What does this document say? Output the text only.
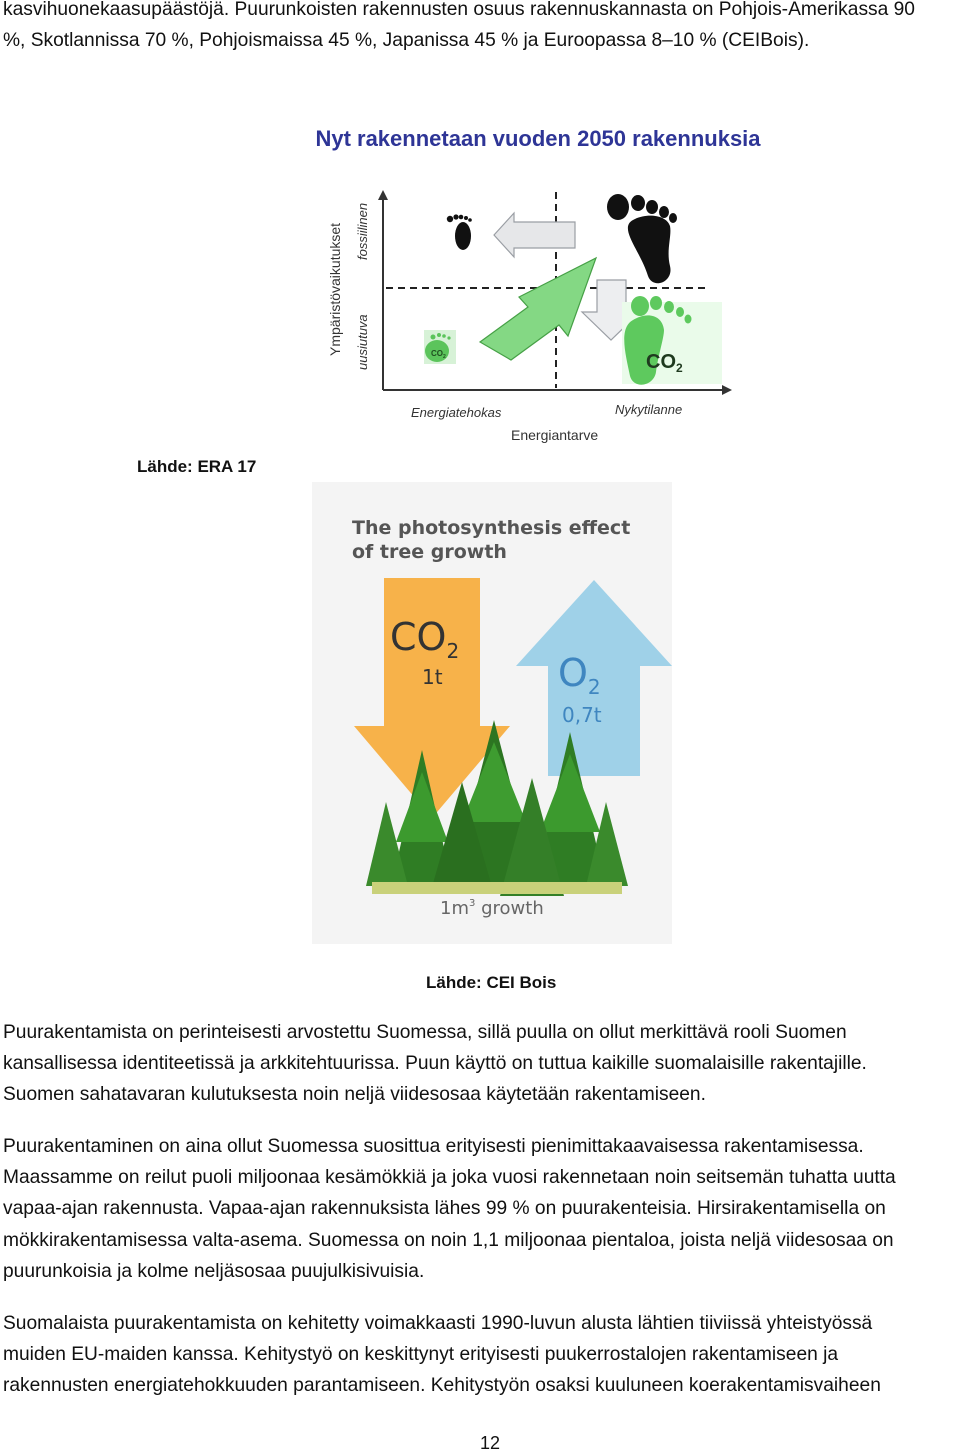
kasvihuonekaasupäästöjä. Puurunkoisten rakennusten osuus rakennuskannasta on Pohjois-Amerikassa 90
%, Skotlannissa 70 %, Pohjoismaissa 45 %, Japanissa 45 % ja Euroopassa 8–10 % (CEIBois).

Nyt rakennetaan vuoden 2050 rakennuksia
$CO_2$	$CO_2$
Ympäristövaikutukset fossiilinen
uusiutuva
Energiatehokas	Nykytilanne
Energiantarve
Lähde: ERA 17
The photosynthesis effect
of tree growth
$CO_2$
1t	$O_2$
0,7t
$1m^3$ growth
Lähde: CEI Bois

Puurakentamista on perinteisesti arvostettu Suomessa, sillä puulla on ollut merkittävä rooli Suomen
kansallisessa identiteetissä ja arkkitehtuurissa. Puun käyttö on tuttua kaikille suomalaisille rakentajille.
Suomen sahatavaran kulutuksesta noin neljä viidesosaa käytetään rakentamiseen.

Puurakentaminen on aina ollut Suomessa suosittua erityisesti pienimittakaavaisessa rakentamisessa.
Maassamme on reilut puoli miljoonaa kesämökkiä ja joka vuosi rakennetaan noin seitsemän tuhatta uutta
vapaa-ajan rakennusta. Vapaa-ajan rakennuksista lähes 99 % on puurakenteisia. Hirsirakentamisella on
mökkirakentamisessa valta-asema. Suomessa on noin 1,1 miljoonaa pientaloa, joista neljä viidesosaa on
puurunkoisia ja kolme neljäsosaa puujulkisivuisia.

Suomalaista puurakentamista on kehitetty voimakkaasti 1990-luvun alusta lähtien tiiviissä yhteistyössä
muiden EU-maiden kanssa. Kehitystyö on keskittynyt erityisesti puukerrostalojen rakentamiseen ja
rakennusten energiatehokkuuden parantamiseen. Kehitystyön osaksi kuuluneen koerakentamisvaiheen

12
